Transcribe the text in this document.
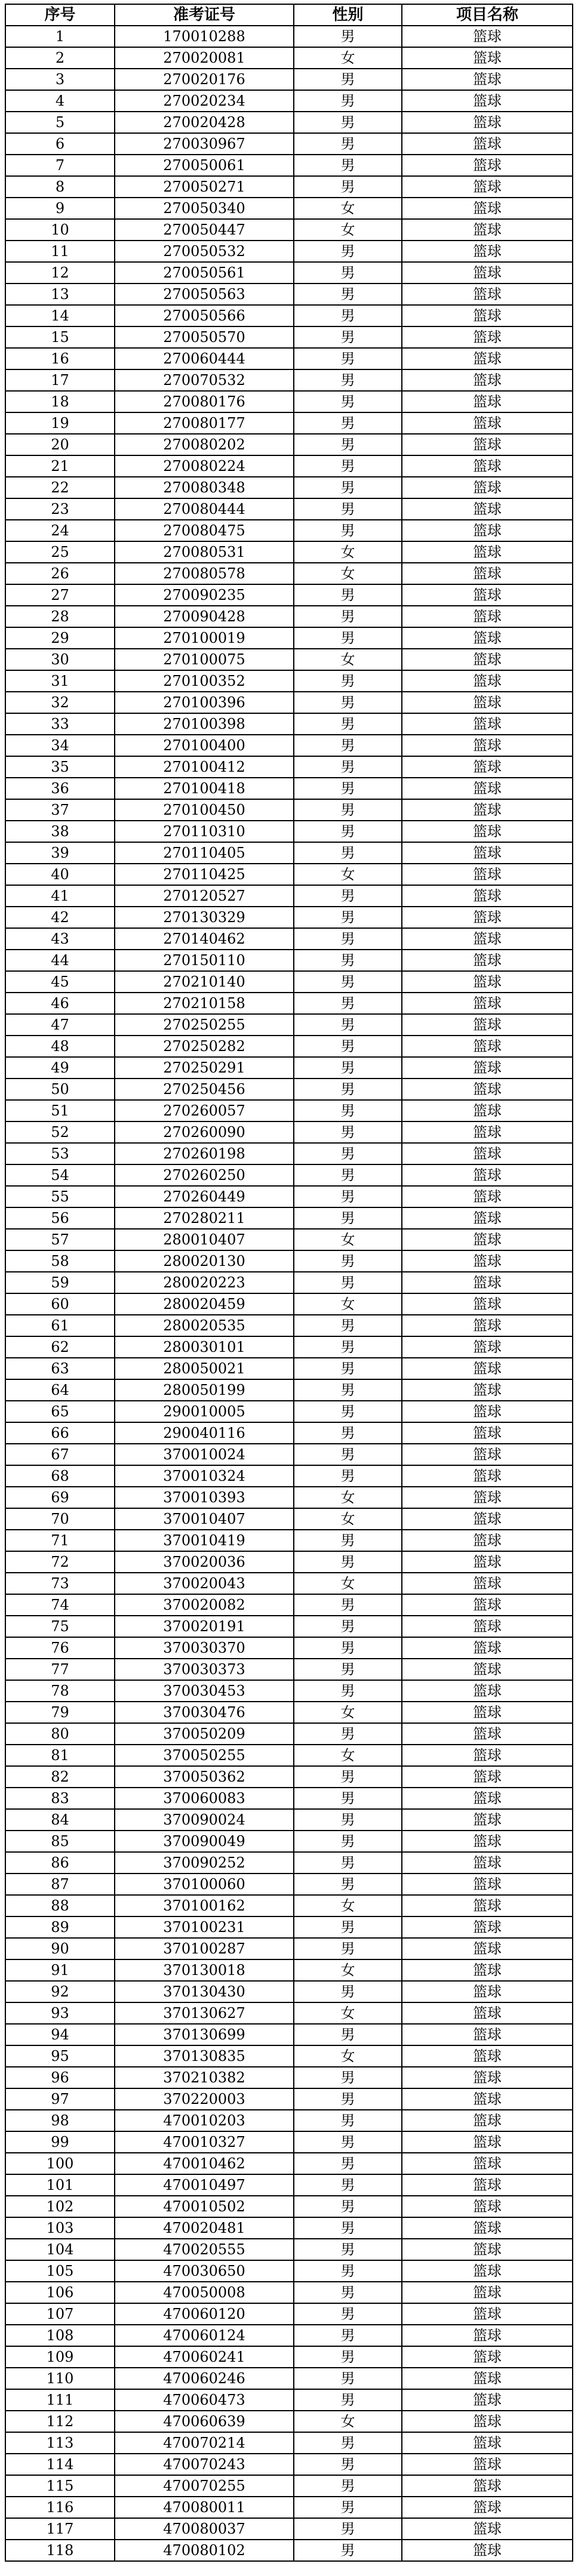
序号	准考证号	性别	项目名称
1	170010288	男	篮球
2	270020081	女	篮球
3	270020176	男	篮球
4	270020234	男	篮球
5	270020428	男	篮球
6	270030967	男	篮球
7	270050061	男	篮球
8	270050271	男	篮球
9	270050340	女	篮球
10	270050447	女	篮球
11	270050532	男	篮球
12	270050561	男	篮球
13	270050563	男	篮球
14	270050566	男	篮球
15	270050570	男	篮球
16	270060444	男	篮球
17	270070532	男	篮球
18	270080176	男	篮球
19	270080177	男	篮球
20	270080202	男	篮球
21	270080224	男	篮球
22	270080348	男	篮球
23	270080444	男	篮球
24	270080475	男	篮球
25	270080531	女	篮球
26	270080578	女	篮球
27	270090235	男	篮球
28	270090428	男	篮球
29	270100019	男	篮球
30	270100075	女	篮球
31	270100352	男	篮球
32	270100396	男	篮球
33	270100398	男	篮球
34	270100400	男	篮球
35	270100412	男	篮球
36	270100418	男	篮球
37	270100450	男	篮球
38	270110310	男	篮球
39	270110405	男	篮球
40	270110425	女	篮球
41	270120527	男	篮球
42	270130329	男	篮球
43	270140462	男	篮球
44	270150110	男	篮球
45	270210140	男	篮球
46	270210158	男	篮球
47	270250255	男	篮球
48	270250282	男	篮球
49	270250291	男	篮球
50	270250456	男	篮球
51	270260057	男	篮球
52	270260090	男	篮球
53	270260198	男	篮球
54	270260250	男	篮球
55	270260449	男	篮球
56	270280211	男	篮球
57	280010407	女	篮球
58	280020130	男	篮球
59	280020223	男	篮球
60	280020459	女	篮球
61	280020535	男	篮球
62	280030101	男	篮球
63	280050021	男	篮球
64	280050199	男	篮球
65	290010005	男	篮球
66	290040116	男	篮球
67	370010024	男	篮球
68	370010324	男	篮球
69	370010393	女	篮球
70	370010407	女	篮球
71	370010419	男	篮球
72	370020036	男	篮球
73	370020043	女	篮球
74	370020082	男	篮球
75	370020191	男	篮球
76	370030370	男	篮球
77	370030373	男	篮球
78	370030453	男	篮球
79	370030476	女	篮球
80	370050209	男	篮球
81	370050255	女	篮球
82	370050362	男	篮球
83	370060083	男	篮球
84	370090024	男	篮球
85	370090049	男	篮球
86	370090252	男	篮球
87	370100060	男	篮球
88	370100162	女	篮球
89	370100231	男	篮球
90	370100287	男	篮球
91	370130018	女	篮球
92	370130430	男	篮球
93	370130627	女	篮球
94	370130699	男	篮球
95	370130835	女	篮球
96	370210382	男	篮球
97	370220003	男	篮球
98	470010203	男	篮球
99	470010327	男	篮球
100	470010462	男	篮球
101	470010497	男	篮球
102	470010502	男	篮球
103	470020481	男	篮球
104	470020555	男	篮球
105	470030650	男	篮球
106	470050008	男	篮球
107	470060120	男	篮球
108	470060124	男	篮球
109	470060241	男	篮球
110	470060246	男	篮球
111	470060473	男	篮球
112	470060639	女	篮球
113	470070214	男	篮球
114	470070243	男	篮球
115	470070255	男	篮球
116	470080011	男	篮球
117	470080037	男	篮球
118	470080102	男	篮球
